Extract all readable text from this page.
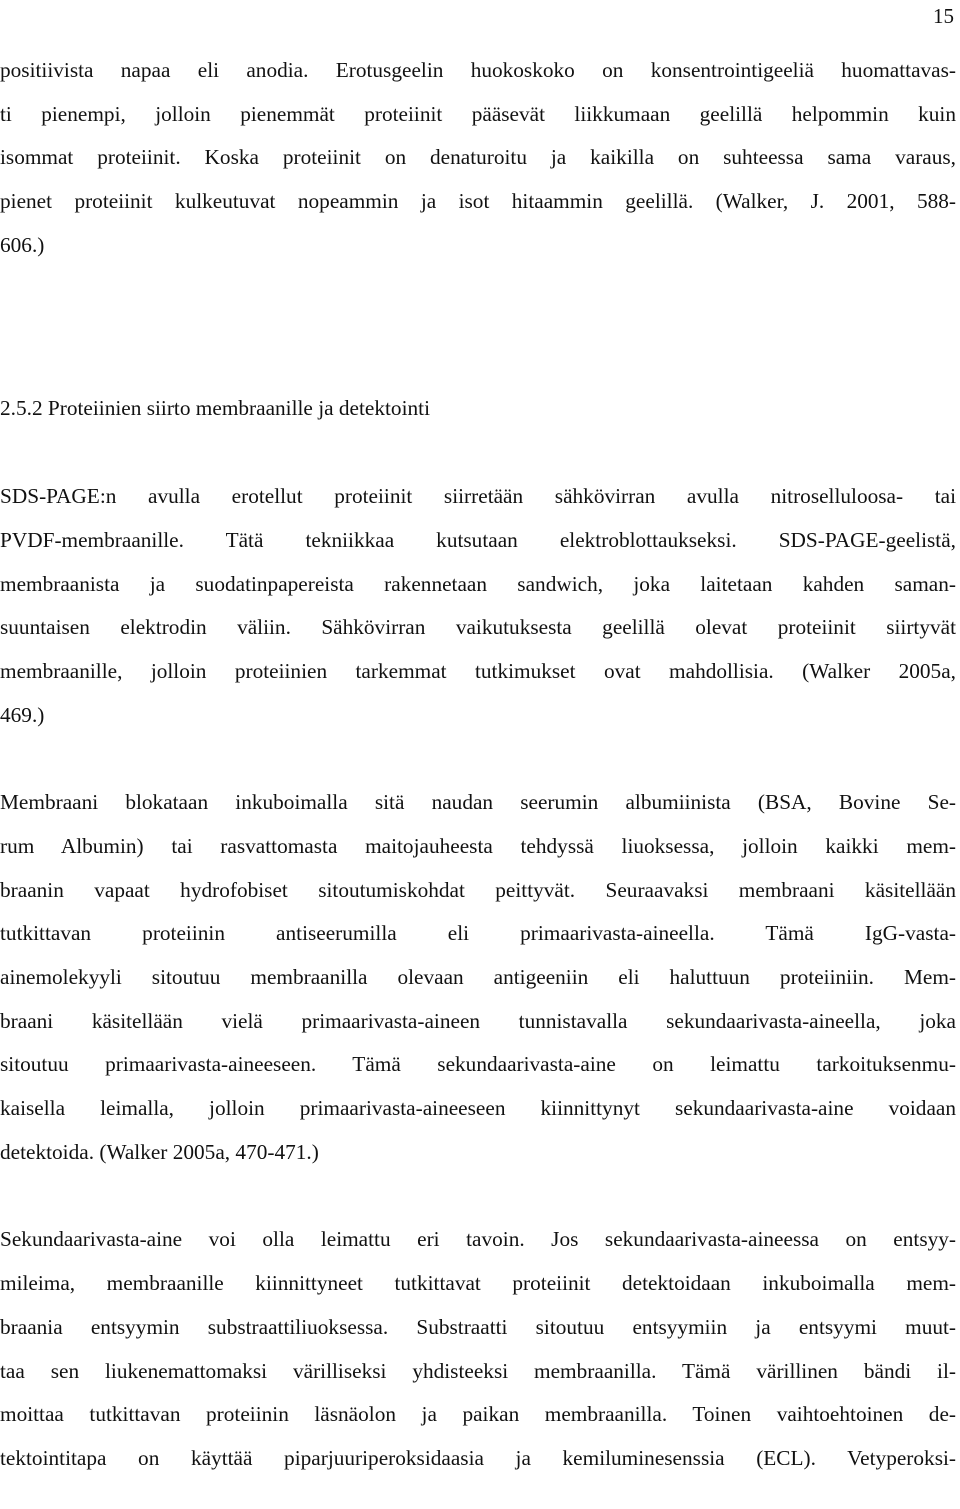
15
positiivista napaa eli anodia. Erotusgeelin huokoskoko on konsentrointigeeliä huomattavas-
ti pienempi, jolloin pienemmät proteiinit pääsevät liikkumaan geelillä helpommin kuin
isommat proteiinit. Koska proteiinit on denaturoitu ja kaikilla on suhteessa sama varaus,
pienet proteiinit kulkeutuvat nopeammin ja isot hitaammin geelillä. (Walker, J. 2001, 588-
606.)
2.5.2 Proteiinien siirto membraanille ja detektointi
SDS-PAGE:n avulla erotellut proteiinit siirretään sähkövirran avulla nitroselluloosa- tai
PVDF-membraanille. Tätä tekniikkaa kutsutaan elektroblottaukseksi. SDS-PAGE-geelistä,
membraanista ja suodatinpapereista rakennetaan sandwich, joka laitetaan kahden saman-
suuntaisen elektrodin väliin. Sähkövirran vaikutuksesta geelillä olevat proteiinit siirtyvät
membraanille, jolloin proteiinien tarkemmat tutkimukset ovat mahdollisia. (Walker 2005a,
469.)
Membraani blokataan inkuboimalla sitä naudan seerumin albumiinista (BSA, Bovine Se-
rum Albumin) tai rasvattomasta maitojauheesta tehdyssä liuoksessa, jolloin kaikki mem-
braanin vapaat hydrofobiset sitoutumiskohdat peittyvät. Seuraavaksi membraani käsitellään
tutkittavan proteiinin antiseerumilla eli primaarivasta-aineella. Tämä IgG-vasta-
ainemolekyyli sitoutuu membraanilla olevaan antigeeniin eli haluttuun proteiiniin. Mem-
braani käsitellään vielä primaarivasta-aineen tunnistavalla sekundaarivasta-aineella, joka
sitoutuu primaarivasta-aineeseen. Tämä sekundaarivasta-aine on leimattu tarkoituksenmu-
kaisella leimalla, jolloin primaarivasta-aineeseen kiinnittynyt sekundaarivasta-aine voidaan
detektoida. (Walker 2005a, 470-471.)
Sekundaarivasta-aine voi olla leimattu eri tavoin. Jos sekundaarivasta-aineessa on entsyy-
mileima, membraanille kiinnittyneet tutkittavat proteiinit detektoidaan inkuboimalla mem-
braania entsyymin substraattiliuoksessa. Substraatti sitoutuu entsyymiin ja entsyymi muut-
taa sen liukenemattomaksi värilliseksi yhdisteeksi membraanilla. Tämä värillinen bändi il-
moittaa tutkittavan proteiinin läsnäolon ja paikan membraanilla. Toinen vaihtoehtoinen de-
tektointitapa on käyttää piparjuuriperoksidaasia ja kemiluminesenssia (ECL). Vetyperoksi-
